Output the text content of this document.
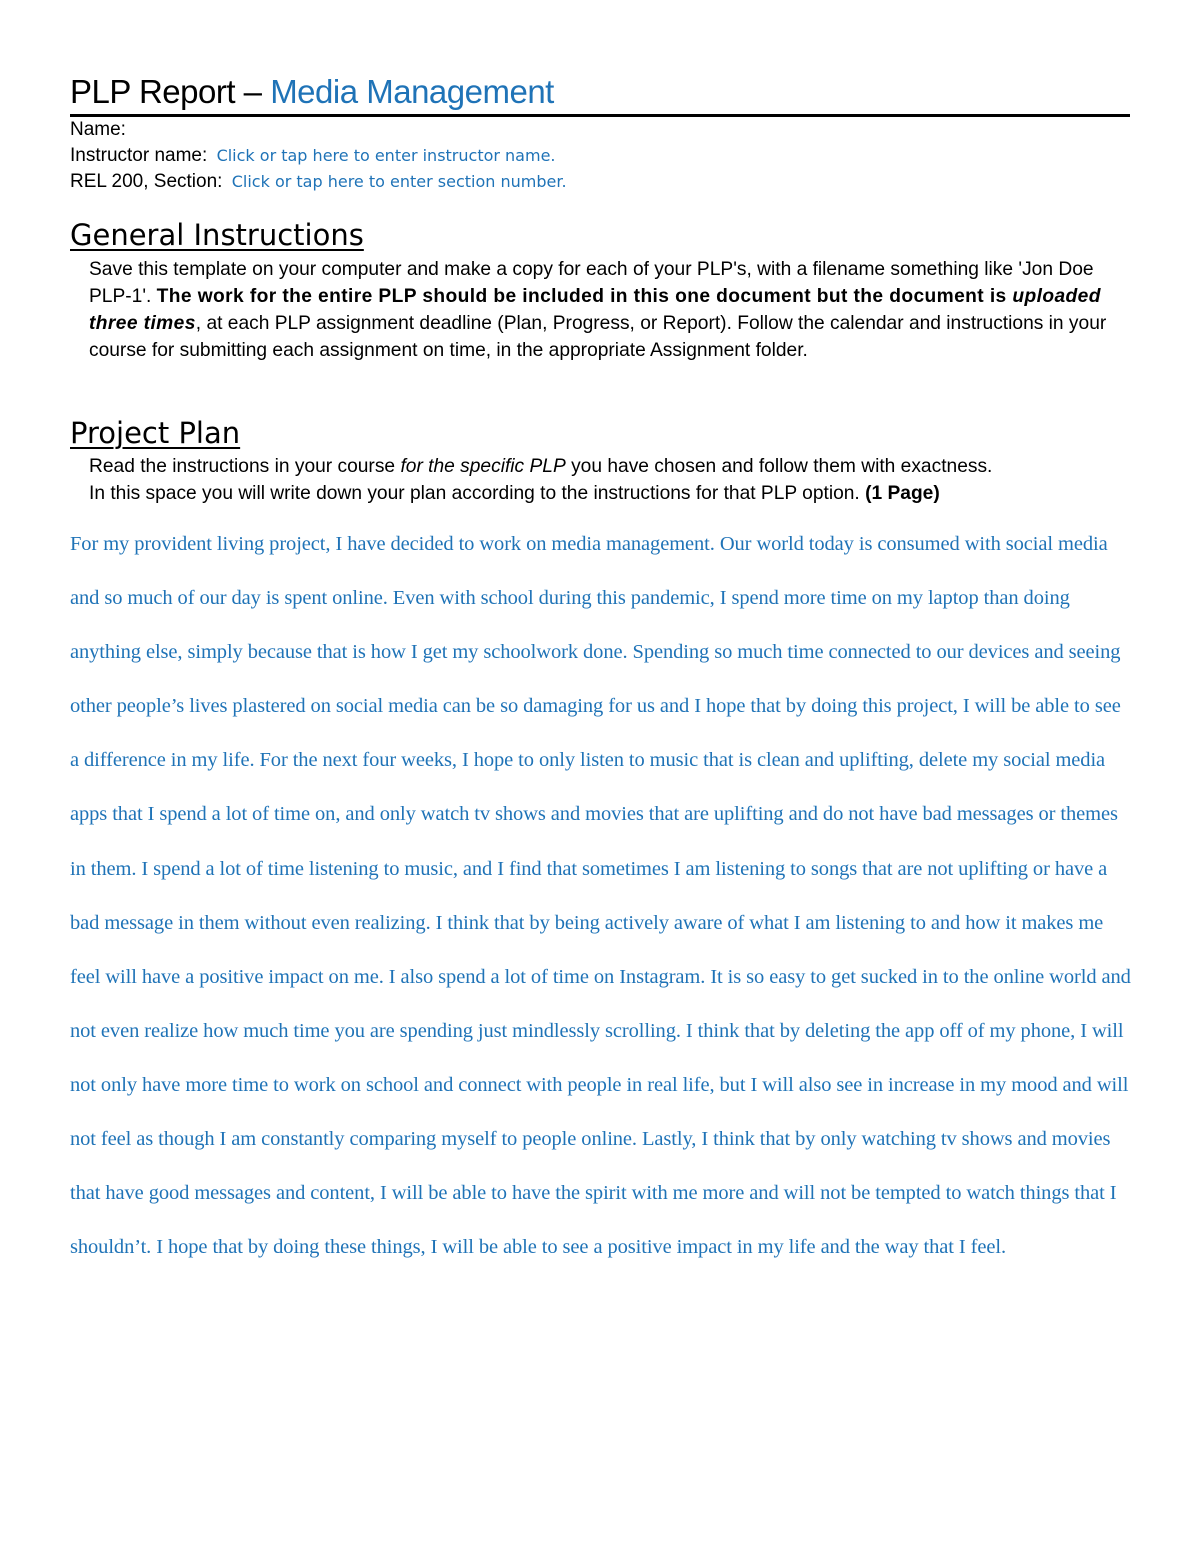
PLP Report – Media Management
Name:
Instructor name: Click or tap here to enter instructor name.
REL 200, Section: Click or tap here to enter section number.
General Instructions
Save this template on your computer and make a copy for each of your PLP's, with a filename something like 'Jon Doe PLP-1'. The work for the entire PLP should be included in this one document but the document is uploaded three times, at each PLP assignment deadline (Plan, Progress, or Report). Follow the calendar and instructions in your course for submitting each assignment on time, in the appropriate Assignment folder.
Project Plan
Read the instructions in your course for the specific PLP you have chosen and follow them with exactness.
In this space you will write down your plan according to the instructions for that PLP option. (1 Page)
For my provident living project, I have decided to work on media management. Our world today is consumed with social media and so much of our day is spent online. Even with school during this pandemic, I spend more time on my laptop than doing anything else, simply because that is how I get my schoolwork done. Spending so much time connected to our devices and seeing other people’s lives plastered on social media can be so damaging for us and I hope that by doing this project, I will be able to see a difference in my life. For the next four weeks, I hope to only listen to music that is clean and uplifting, delete my social media apps that I spend a lot of time on, and only watch tv shows and movies that are uplifting and do not have bad messages or themes in them. I spend a lot of time listening to music, and I find that sometimes I am listening to songs that are not uplifting or have a bad message in them without even realizing. I think that by being actively aware of what I am listening to and how it makes me feel will have a positive impact on me. I also spend a lot of time on Instagram. It is so easy to get sucked in to the online world and not even realize how much time you are spending just mindlessly scrolling. I think that by deleting the app off of my phone, I will not only have more time to work on school and connect with people in real life, but I will also see in increase in my mood and will not feel as though I am constantly comparing myself to people online. Lastly, I think that by only watching tv shows and movies that have good messages and content, I will be able to have the spirit with me more and will not be tempted to watch things that I shouldn’t. I hope that by doing these things, I will be able to see a positive impact in my life and the way that I feel.
